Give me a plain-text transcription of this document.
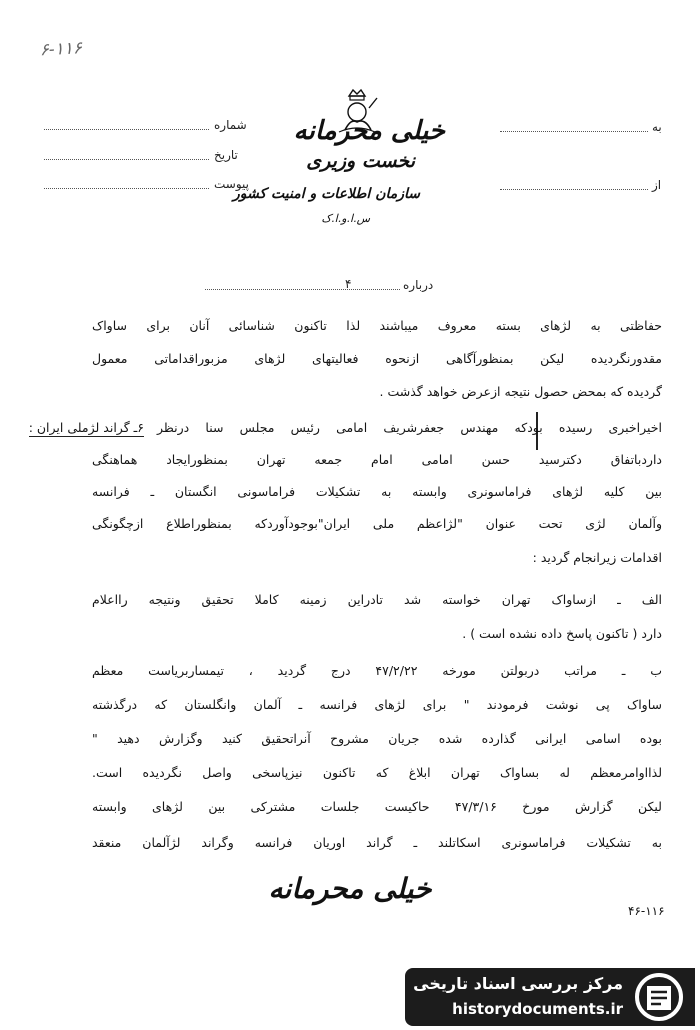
۶-۱۱۶
شماره
تاریخ
پیوست
به
از
خیلی محرمانه
نخست وزیری
سازمان اطلاعات و امنیت کشور
س.ا.و.ا.ک
درباره
۴
حفاظتی به لژهای بسته معروف میباشند لذا تاکنون شناسائی آنان برای ساواک
مقدورنگردیده لیکن بمنظورآگاهی ازنحوه فعالیتهای لژهای مزبوراقداماتی معمول
گردیده که بمحض حصول نتیجه ازعرض خواهد گذشت .
۶ـ گراند لژملی ایران : اخیراخبری رسیده بودکه مهندس جعفرشریف امامی رئیس مجلس سنا درنظر
داردباتفاق دکترسید حسن امامی امام جمعه تهران بمنظورایجاد هماهنگی
بین کلیه لژهای فراماسونری وابسته به تشکیلات فراماسونی انگستان ـ فرانسه
وآلمان لژی تحت عنوان "لژاعظم ملی ایران"بوجودآوردکه بمنظوراطلاع ازچگونگی
اقدامات زیرانجام گردید :
الف ـ ازساواک تهران خواسته شد تادراین زمینه کاملا تحقیق ونتیجه رااعلام
دارد ( تاکنون پاسخ داده نشده است ) .
ب ـ مراتب دربولتن مورخه ۴۷/۲/۲۲ درج گردید ، تیمساربریاست معظم
ساواک پی نوشت فرمودند " برای لژهای فرانسه ـ آلمان وانگلستان که درگذشته
بوده اسامی ایرانی گذارده شده جریان مشروح آنراتحقیق کنید وگزارش دهید "
لذااوامرمعظم له بساواک تهران ابلاغ که تاکنون نیزپاسخی واصل نگردیده است.
لیکن گزارش مورخ ۴۷/۳/۱۶ حاکیست جلسات مشترکی بین لژهای وابسته
به تشکیلات فراماسونری اسکاتلند ـ گراند اوریان فرانسه وگراند لژآلمان منعقد
خیلی محرمانه
۴۶-۱۱۶
مرکز بررسی اسناد تاریخی
historydocuments.ir
